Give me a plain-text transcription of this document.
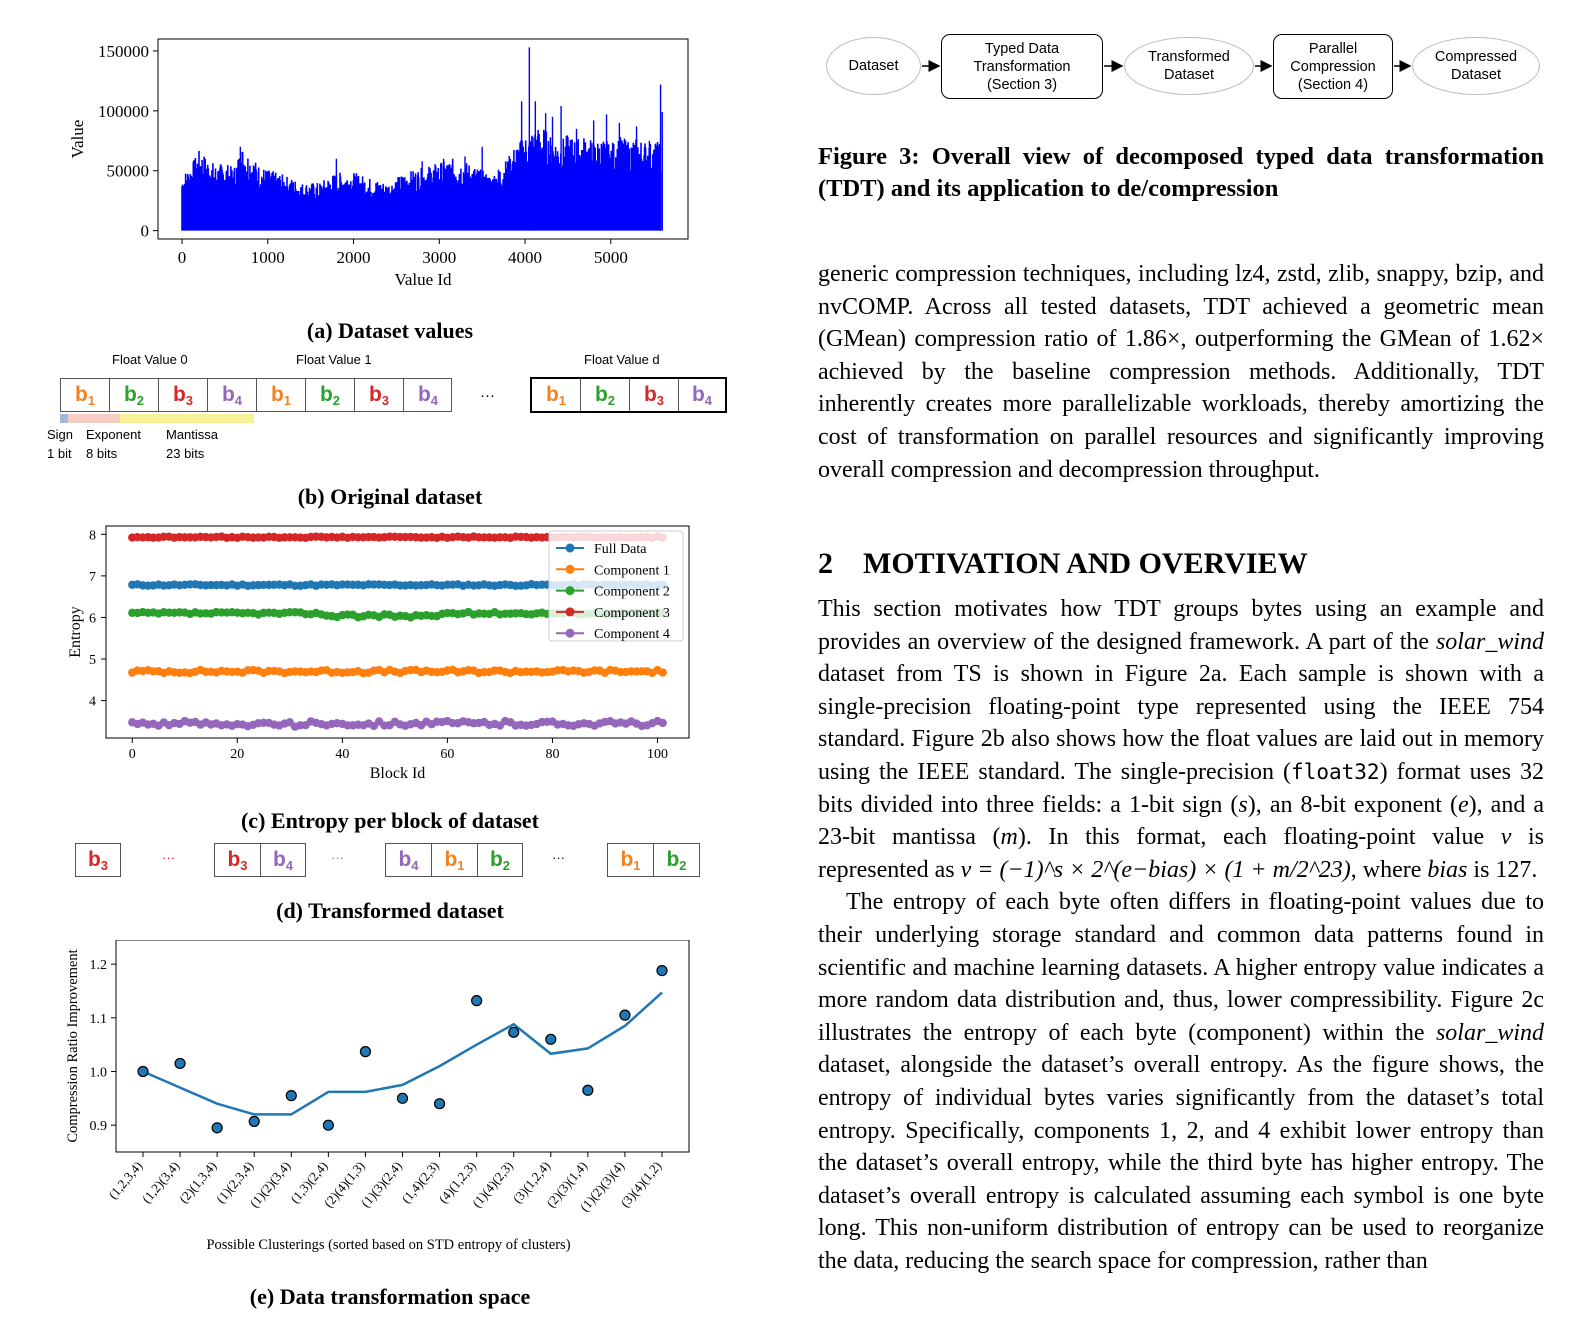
0	1000	2000	3000	4000	5000
0
50000
100000
150000
Value Id
Value
(a) Dataset values
Float Value 0	Float Value 1	Float Value d
$b_1$ $b_2$ $b_3$ $b_4$ $b_1$ $b_2$ $b_3$ $b_4$	··· $b_1$ $b_2$ $b_3$ $b_4$
Sign
1 bit
Exponent
8 bits
Mantissa
23 bits
(b) Original dataset
0	20	40	60	80	100
4
5
6
7
8
Block Id
Entropy
Full Data
Component 1
Component 2
Component 3
Component 4
(c) Entropy per block of dataset
$b_3$	··· $b_3$ $b_4$	···	$b_4$ $b_1$ $b_2$	···	$b_1$ $b_2$
(d) Transformed dataset
0.9
1.0
1.1
1.2
(1,2,3,4)
(1,2)(3,4)
(2)(1,3,4)
(1)(2,3,4)
(1)(2)(3,4)
(1,3)(2,4)
(2)(4)(1,3)
(1)(3)(2,4)
(1,4)(2,3)
(4)(1,2,3)
(1)(4)(2,3)
(3)(1,2,4)
(2)(3)(1,4)
(1)(2)(3)(4)
(3)(4)(1,2)
Possible Clusterings (sorted based on STD entropy of clusters)
Compression Ratio Improvement
(e) Data transformation space
Dataset
Typed Data
Transformation
(Section 3)
Transformed
Dataset
Parallel
Compression
(Section 4)
Compressed
Dataset
Figure 3: Overall view of decomposed typed data transformation (TDT) and its application to de/compression
generic compression techniques, including lz4, zstd, zlib, snappy, bzip, and nvCOMP. Across all tested datasets, TDT achieved a geometric mean (GMean) compression ratio of 1.86×, outperforming the GMean of 1.62× achieved by the baseline compression methods. Additionally, TDT inherently creates more parallelizable workloads, thereby amortizing the cost of transformation on parallel resources and significantly improving overall compression and decompression throughput.
2 MOTIVATION AND OVERVIEW

This section motivates how TDT groups bytes using an example and provides an overview of the designed framework. A part of the solar_wind dataset from TS is shown in Figure 2a. Each sample is shown with a single-precision floating-point type represented using the IEEE 754 standard. Figure 2b also shows how the float values are laid out in memory using the IEEE standard. The single-precision (float32) format uses 32 bits divided into three fields: a 1-bit sign (s), an 8-bit exponent (e), and a 23-bit mantissa (m). In this format, each floating-point value v is represented as v = (−1)^s × 2^(e−bias) × (1 + m/2^23), where bias is 127.

The entropy of each byte often differs in floating-point values due to their underlying storage standard and common data patterns found in scientific and machine learning datasets. A higher entropy value indicates a more random data distribution and, thus, lower compressibility. Figure 2c illustrates the entropy of each byte (component) within the solar_wind dataset, alongside the dataset’s overall entropy. As the figure shows, the entropy of individual bytes varies significantly from the dataset’s total entropy. Specifically, components 1, 2, and 4 exhibit lower entropy than the dataset’s overall entropy, while the third byte has higher entropy. The dataset’s overall entropy is calculated assuming each symbol is one byte long. This non-uniform distribution of entropy can be used to reorganize the data, reducing the search space for compression, rather than
